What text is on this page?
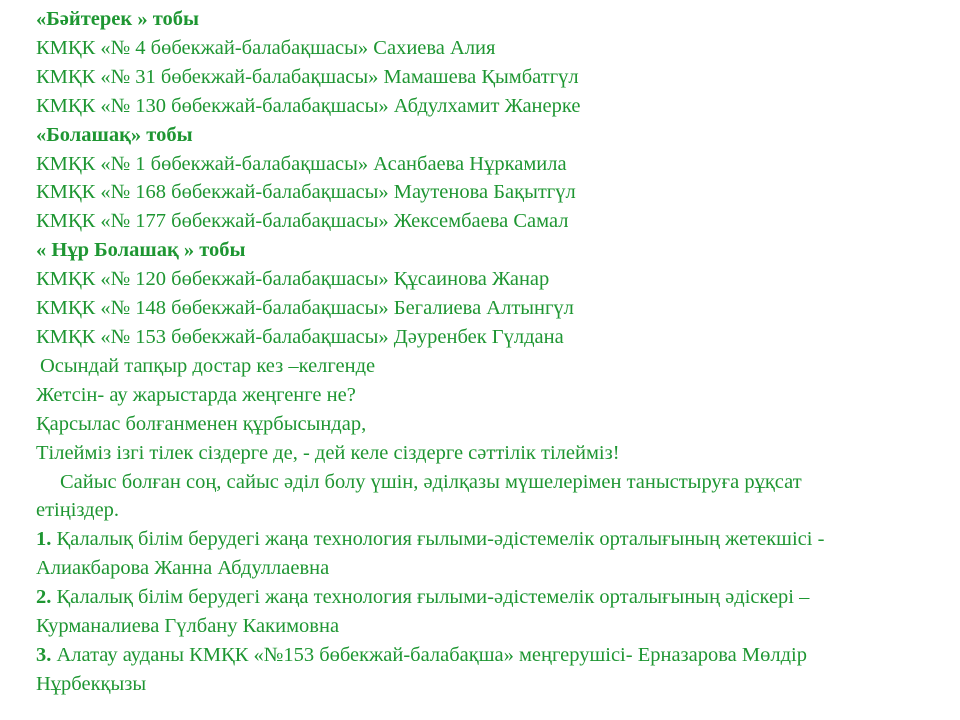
«Бәйтерек » тобы
КМҚК «№ 4 бөбекжай-балабақшасы» Сахиева Алия
КМҚК «№ 31 бөбекжай-балабақшасы» Мамашева Қымбатгүл
КМҚК «№ 130 бөбекжай-балабақшасы» Абдулхамит Жанерке
«Болашақ» тобы
КМҚК «№ 1 бөбекжай-балабақшасы» Асанбаева Нұркамила
КМҚК «№ 168 бөбекжай-балабақшасы» Маутенова Бақытгүл
КМҚК «№ 177 бөбекжай-балабақшасы» Жексембаева Самал
« Нұр Болашақ » тобы
КМҚК «№ 120 бөбекжай-балабақшасы» Құсаинова Жанар
КМҚК «№ 148 бөбекжай-балабақшасы» Бегалиева Алтынгүл
КМҚК «№ 153 бөбекжай-балабақшасы» Дәуренбек Гүлдана
Осындай тапқыр достар кез –келгенде
Жетсін- ау жарыстарда жеңгенге не?
Қарсылас болғанменен құрбысындар,
Тілейміз ізгі тілек сіздерге де, - дей келе сіздерге сәттілік тілейміз!
Сайыс болған соң, сайыс әділ болу үшін, әділқазы мүшелерімен таныстыруға рұқсат етіңіздер.
1. Қалалық білім берудегі жаңа технология ғылыми-әдістемелік орталығының жетекшісі - Алиакбарова Жанна Абдуллаевна
2. Қалалық білім берудегі жаңа технология ғылыми-әдістемелік орталығының әдіскері – Курманалиева Гүлбану Какимовна
3. Алатау ауданы КМҚК «№153 бөбекжай-балабақша» меңгерушісі- Ерназарова Мөлдір Нұрбекқызы
